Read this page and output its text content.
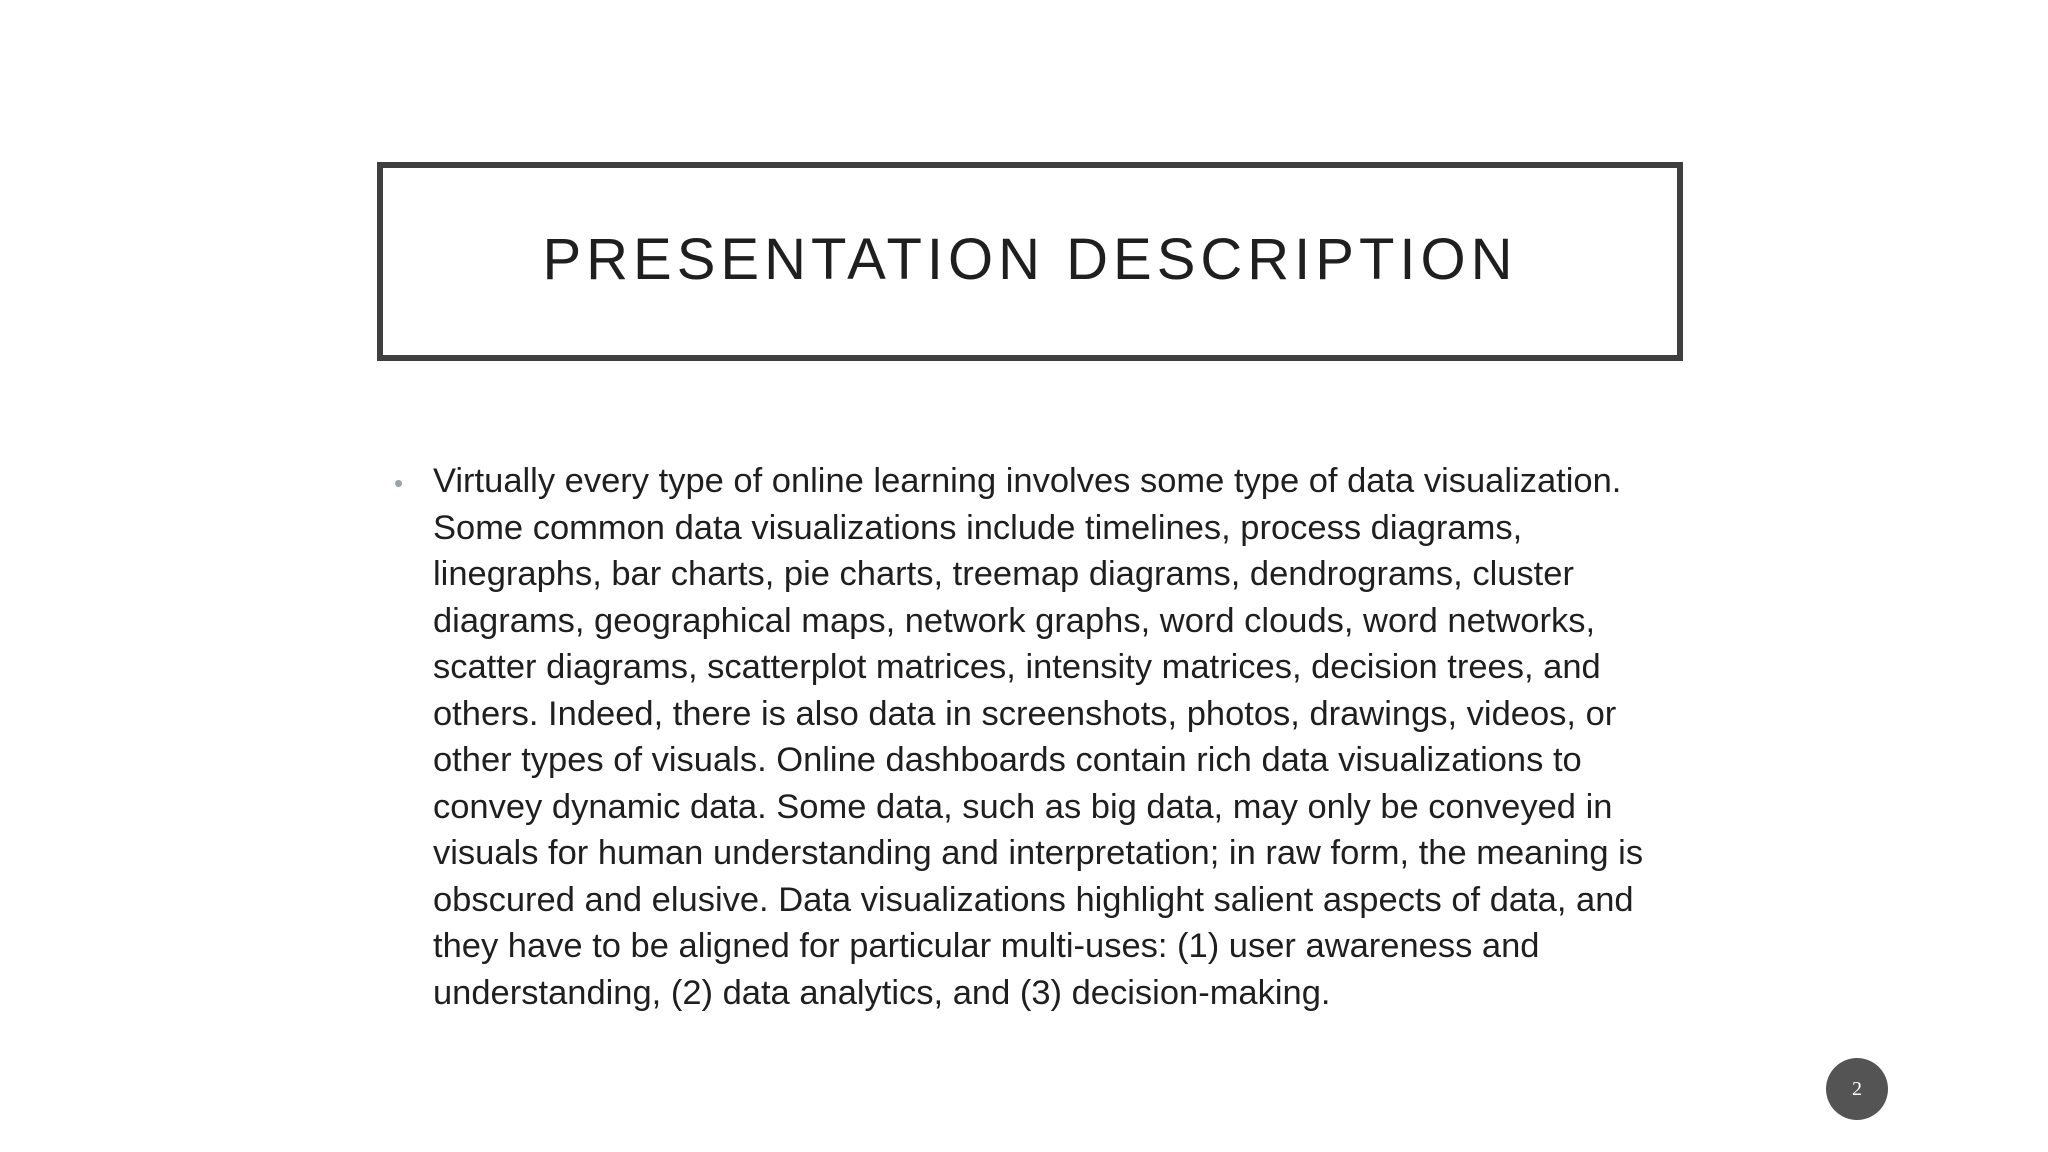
PRESENTATION DESCRIPTION
• Virtually every type of online learning involves some type of data visualization.
Some common data visualizations include timelines, process diagrams,
linegraphs, bar charts, pie charts, treemap diagrams, dendrograms, cluster
diagrams, geographical maps, network graphs, word clouds, word networks,
scatter diagrams, scatterplot matrices, intensity matrices, decision trees, and
others. Indeed, there is also data in screenshots, photos, drawings, videos, or
other types of visuals. Online dashboards contain rich data visualizations to
convey dynamic data. Some data, such as big data, may only be conveyed in
visuals for human understanding and interpretation; in raw form, the meaning is
obscured and elusive. Data visualizations highlight salient aspects of data, and
they have to be aligned for particular multi-uses: (1) user awareness and
understanding, (2) data analytics, and (3) decision-making.
2
